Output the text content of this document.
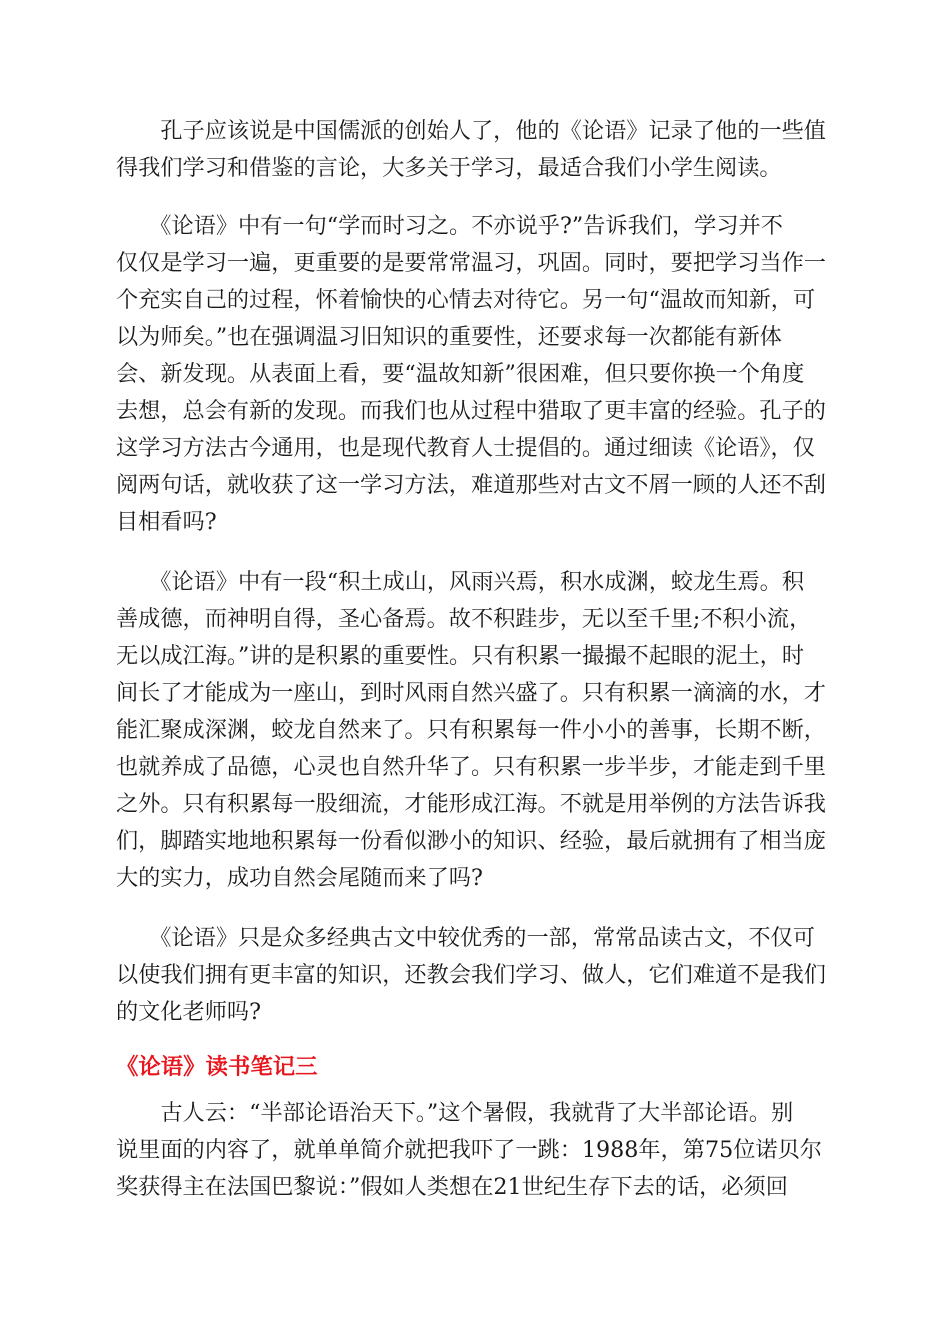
　　孔子应该说是中国儒派的创始人了，他的《论语》记录了他的一些值
得我们学习和借鉴的言论，大多关于学习，最适合我们小学生阅读。

　　《论语》中有一句“学而时习之。不亦说乎?”告诉我们，学习并不
仅仅是学习一遍，更重要的是要常常温习，巩固。同时，要把学习当作一
个充实自己的过程，怀着愉快的心情去对待它。另一句“温故而知新，可
以为师矣。”也在强调温习旧知识的重要性，还要求每一次都能有新体
会、新发现。从表面上看，要“温故知新”很困难，但只要你换一个角度
去想，总会有新的发现。而我们也从过程中猎取了更丰富的经验。孔子的
这学习方法古今通用，也是现代教育人士提倡的。通过细读《论语》，仅
阅两句话，就收获了这一学习方法，难道那些对古文不屑一顾的人还不刮
目相看吗?

　　《论语》中有一段“积土成山，风雨兴焉，积水成渊，蛟龙生焉。积
善成德，而神明自得，圣心备焉。故不积跬步，无以至千里;不积小流，
无以成江海。”讲的是积累的重要性。只有积累一撮撮不起眼的泥土，时
间长了才能成为一座山，到时风雨自然兴盛了。只有积累一滴滴的水，才
能汇聚成深渊，蛟龙自然来了。只有积累每一件小小的善事，长期不断，
也就养成了品德，心灵也自然升华了。只有积累一步半步，才能走到千里
之外。只有积累每一股细流，才能形成江海。不就是用举例的方法告诉我
们，脚踏实地地积累每一份看似渺小的知识、经验，最后就拥有了相当庞
大的实力，成功自然会尾随而来了吗?

　　《论语》只是众多经典古文中较优秀的一部，常常品读古文，不仅可
以使我们拥有更丰富的知识，还教会我们学习、做人，它们难道不是我们
的文化老师吗?

《论语》读书笔记三

　　古人云：“半部论语治天下。”这个暑假，我就背了大半部论语。别
说里面的内容了，就单单简介就把我吓了一跳：1988年，第75位诺贝尔
奖获得主在法国巴黎说：”假如人类想在21世纪生存下去的话，必须回
